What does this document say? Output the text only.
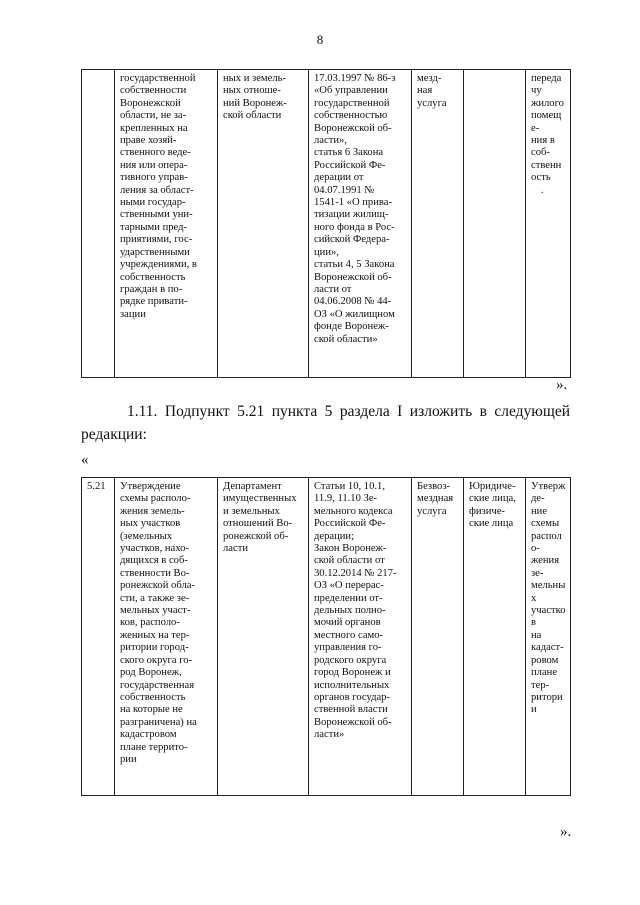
8
	государственной
собственности
Воронежской
области, не за-
крепленных на
праве хозяй-
ственного веде-
ния или опера-
тивного управ-
ления за област-
ными государ-
ственными уни-
тарными пред-
приятиями, гос-
ударственными
учреждениями, в
собственность
граждан в по-
рядке привати-
зации	ных и земель-
ных отноше-
ний Воронеж-
ской области	17.03.1997 № 86-з
«Об управлении
государственной
собственностью
Воронежской об-
ласти»,
статья 6 Закона
Российской Фе-
дерации от
04.07.1991 №
1541-1 «О прива-
тизации жилищ-
ного фонда в Рос-
сийской Федера-
ции»,
статьи 4, 5 Закона
Воронежской об-
ласти от
04.06.2008 № 44-
ОЗ «О жилищном
фонде Воронеж-
ской области»	мезд-
ная
услуга		передачу
жилого
помеще-
ния в соб-
ственность
.
».
1.11. Подпункт 5.21 пункта 5 раздела I изложить в следующей
редакции:
«
5.21	Утверждение
схемы располо-
жения земель-
ных участков
(земельных
участков, нахо-
дящихся в соб-
ственности Во-
ронежской обла-
сти, а также зе-
мельных участ-
ков, располо-
женных на тер-
ритории город-
ского округа го-
род Воронеж,
государственная
собственность
на которые не
разграничена) на
кадастровом
плане террито-
рии	Департамент
имущественных
и земельных
отношений Во-
ронежской об-
ласти	Статьи 10, 10.1,
11.9, 11.10 Зе-
мельного кодекса
Российской Фе-
дерации;
Закон Воронеж-
ской области от
30.12.2014 № 217-
ОЗ «О перерас-
пределении от-
дельных полно-
мочий органов
местного само-
управления го-
родского округа
город Воронеж и
исполнительных
органов государ-
ственной власти
Воронежской об-
ласти»	Безвоз-
мездная
услуга	Юридиче-
ские лица,
физиче-
ские лица	Утвержде-
ние схемы
располо-
жения зе-
мельных
участков
на кадаст-
ровом
плане тер-
ритории
».
